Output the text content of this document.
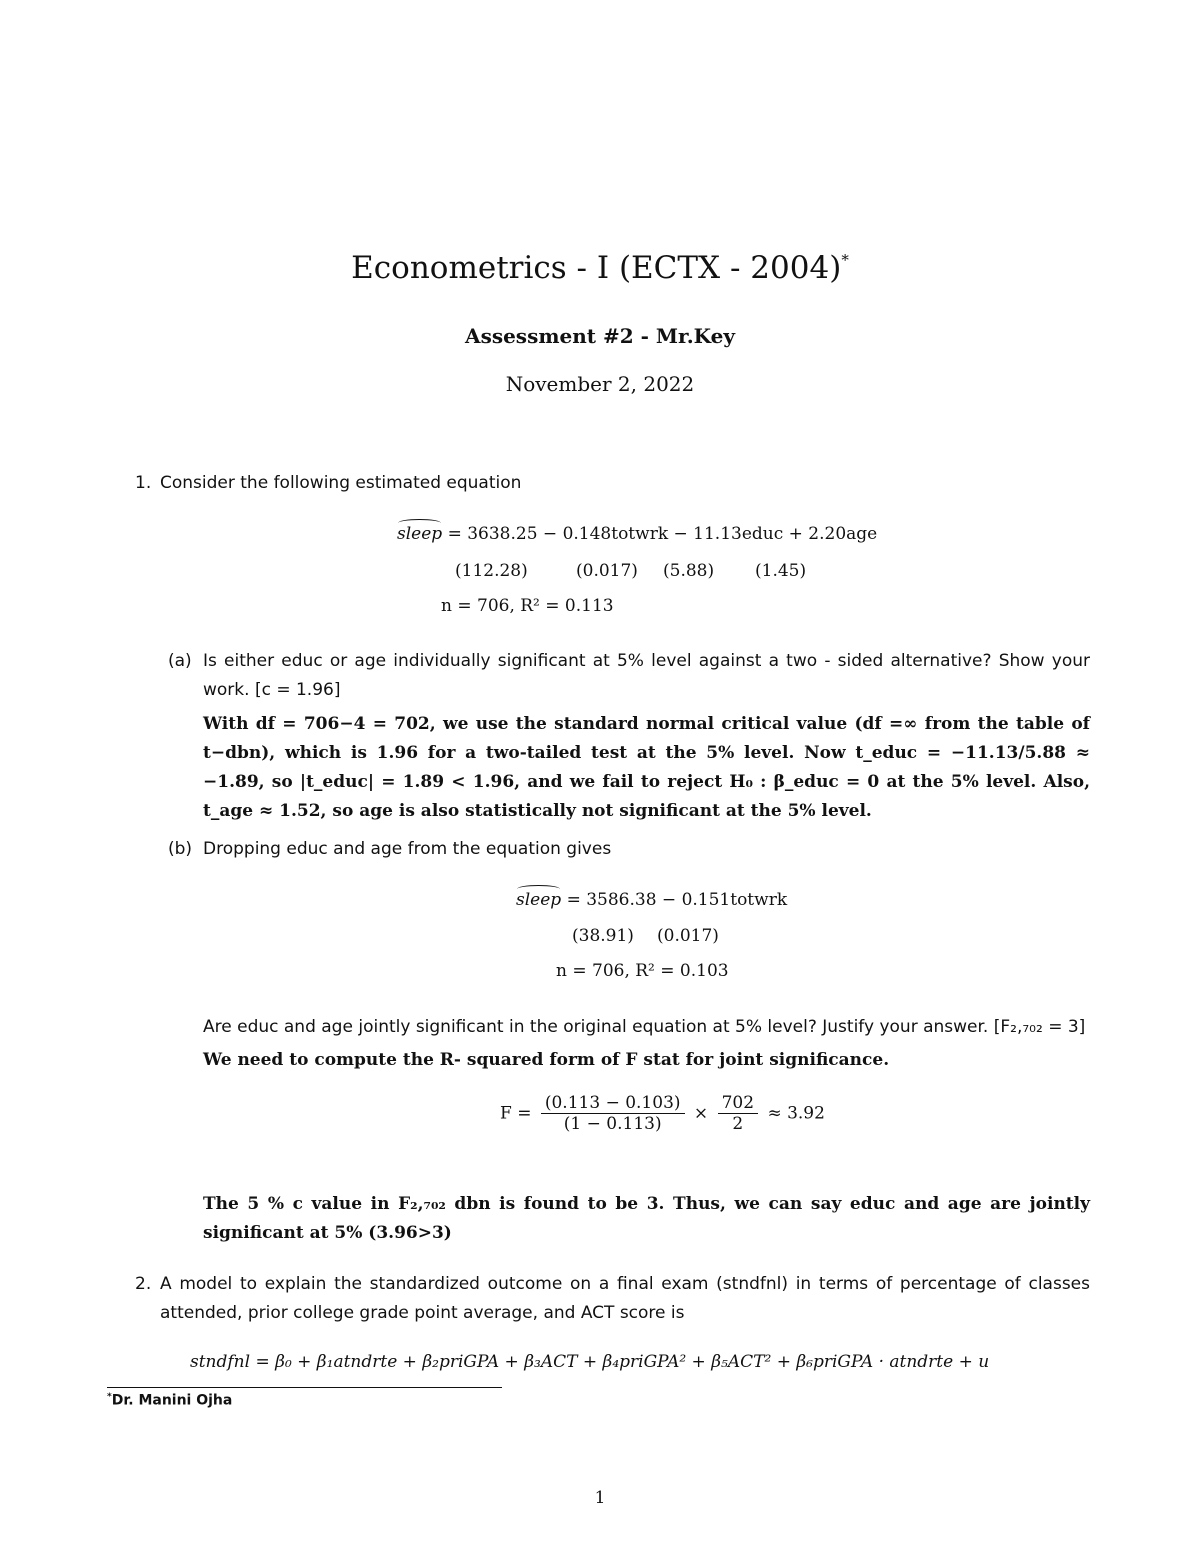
Econometrics - I (ECTX - 2004)*
Assessment #2 - Mr.Key
November 2, 2022
1. Consider the following estimated equation
sleep = 3638.25 − 0.148totwrk − 11.13educ + 2.20age
(112.28)	(0.017) (5.88) (1.45)
n = 706, R² = 0.113
(a) Is either educ or age individually significant at 5% level against a two - sided alternative? Show your work. [c = 1.96]
With df = 706−4 = 702, we use the standard normal critical value (df =∞ from the table of t−dbn), which is 1.96 for a two-tailed test at the 5% level. Now t_educ = −11.13/5.88 ≈ −1.89, so |t_educ| = 1.89 < 1.96, and we fail to reject H₀ : β_educ = 0 at the 5% level. Also, t_age ≈ 1.52, so age is also statistically not significant at the 5% level.
(b) Dropping educ and age from the equation gives
sleep = 3586.38 − 0.151totwrk
(38.91) (0.017)
n = 706, R² = 0.103
Are educ and age jointly significant in the original equation at 5% level? Justify your answer. [F₂,₇₀₂ = 3]
We need to compute the R- squared form of F stat for joint significance.
$F = \frac{(0.113 - 0.103)}{(1 - 0.113)} \times \frac{702}{2} \approx 3.92$
The 5 % c value in F₂,₇₀₂ dbn is found to be 3. Thus, we can say educ and age are jointly significant at 5% (3.96>3)
2. A model to explain the standardized outcome on a final exam (stndfnl) in terms of percentage of classes attended, prior college grade point average, and ACT score is
stndfnl = β₀ + β₁atndrte + β₂priGPA + β₃ACT + β₄priGPA² + β₅ACT² + β₆priGPA · atndrte + u
*Dr. Manini Ojha
1
